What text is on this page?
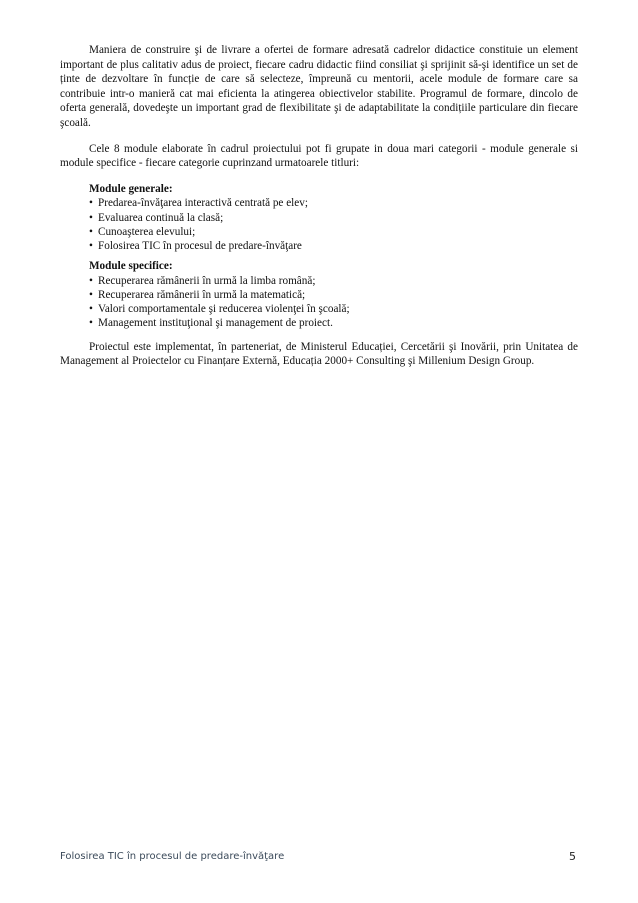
Maniera de construire şi de livrare a ofertei de formare adresată cadrelor didactice constituie un element important de plus calitativ adus de proiect, fiecare cadru didactic fiind consiliat şi sprijinit să-şi identifice un set de ținte de dezvoltare în funcție de care să selecteze, împreună cu mentorii, acele module de formare care sa contribuie intr-o manieră cat mai eficienta la atingerea obiectivelor stabilite. Programul de formare, dincolo de oferta generală, dovedeşte un important grad de flexibilitate şi de adaptabilitate la condițiile particulare din fiecare şcoală.

Cele 8 module elaborate în cadrul proiectului pot fi grupate in doua mari categorii - module generale si module specifice - fiecare categorie cuprinzand urmatoarele titluri:

Module generale:

• Predarea-învăţarea interactivă centrată pe elev;
• Evaluarea continuă la clasă;
• Cunoaşterea elevului;
• Folosirea TIC în procesul de predare-învăţare

Module specifice:

• Recuperarea rămânerii în urmă la limba română;
• Recuperarea rămânerii în urmă la matematică;
• Valori comportamentale şi reducerea violenţei în şcoală;
• Management instituţional şi management de proiect.

Proiectul este implementat, în parteneriat, de Ministerul Educației, Cercetării şi Inovării, prin Unitatea de Management al Proiectelor cu Finanțare Externă, Educația 2000+ Consulting şi Millenium Design Group.

Folosirea TIC în procesul de predare-învăţare	5
